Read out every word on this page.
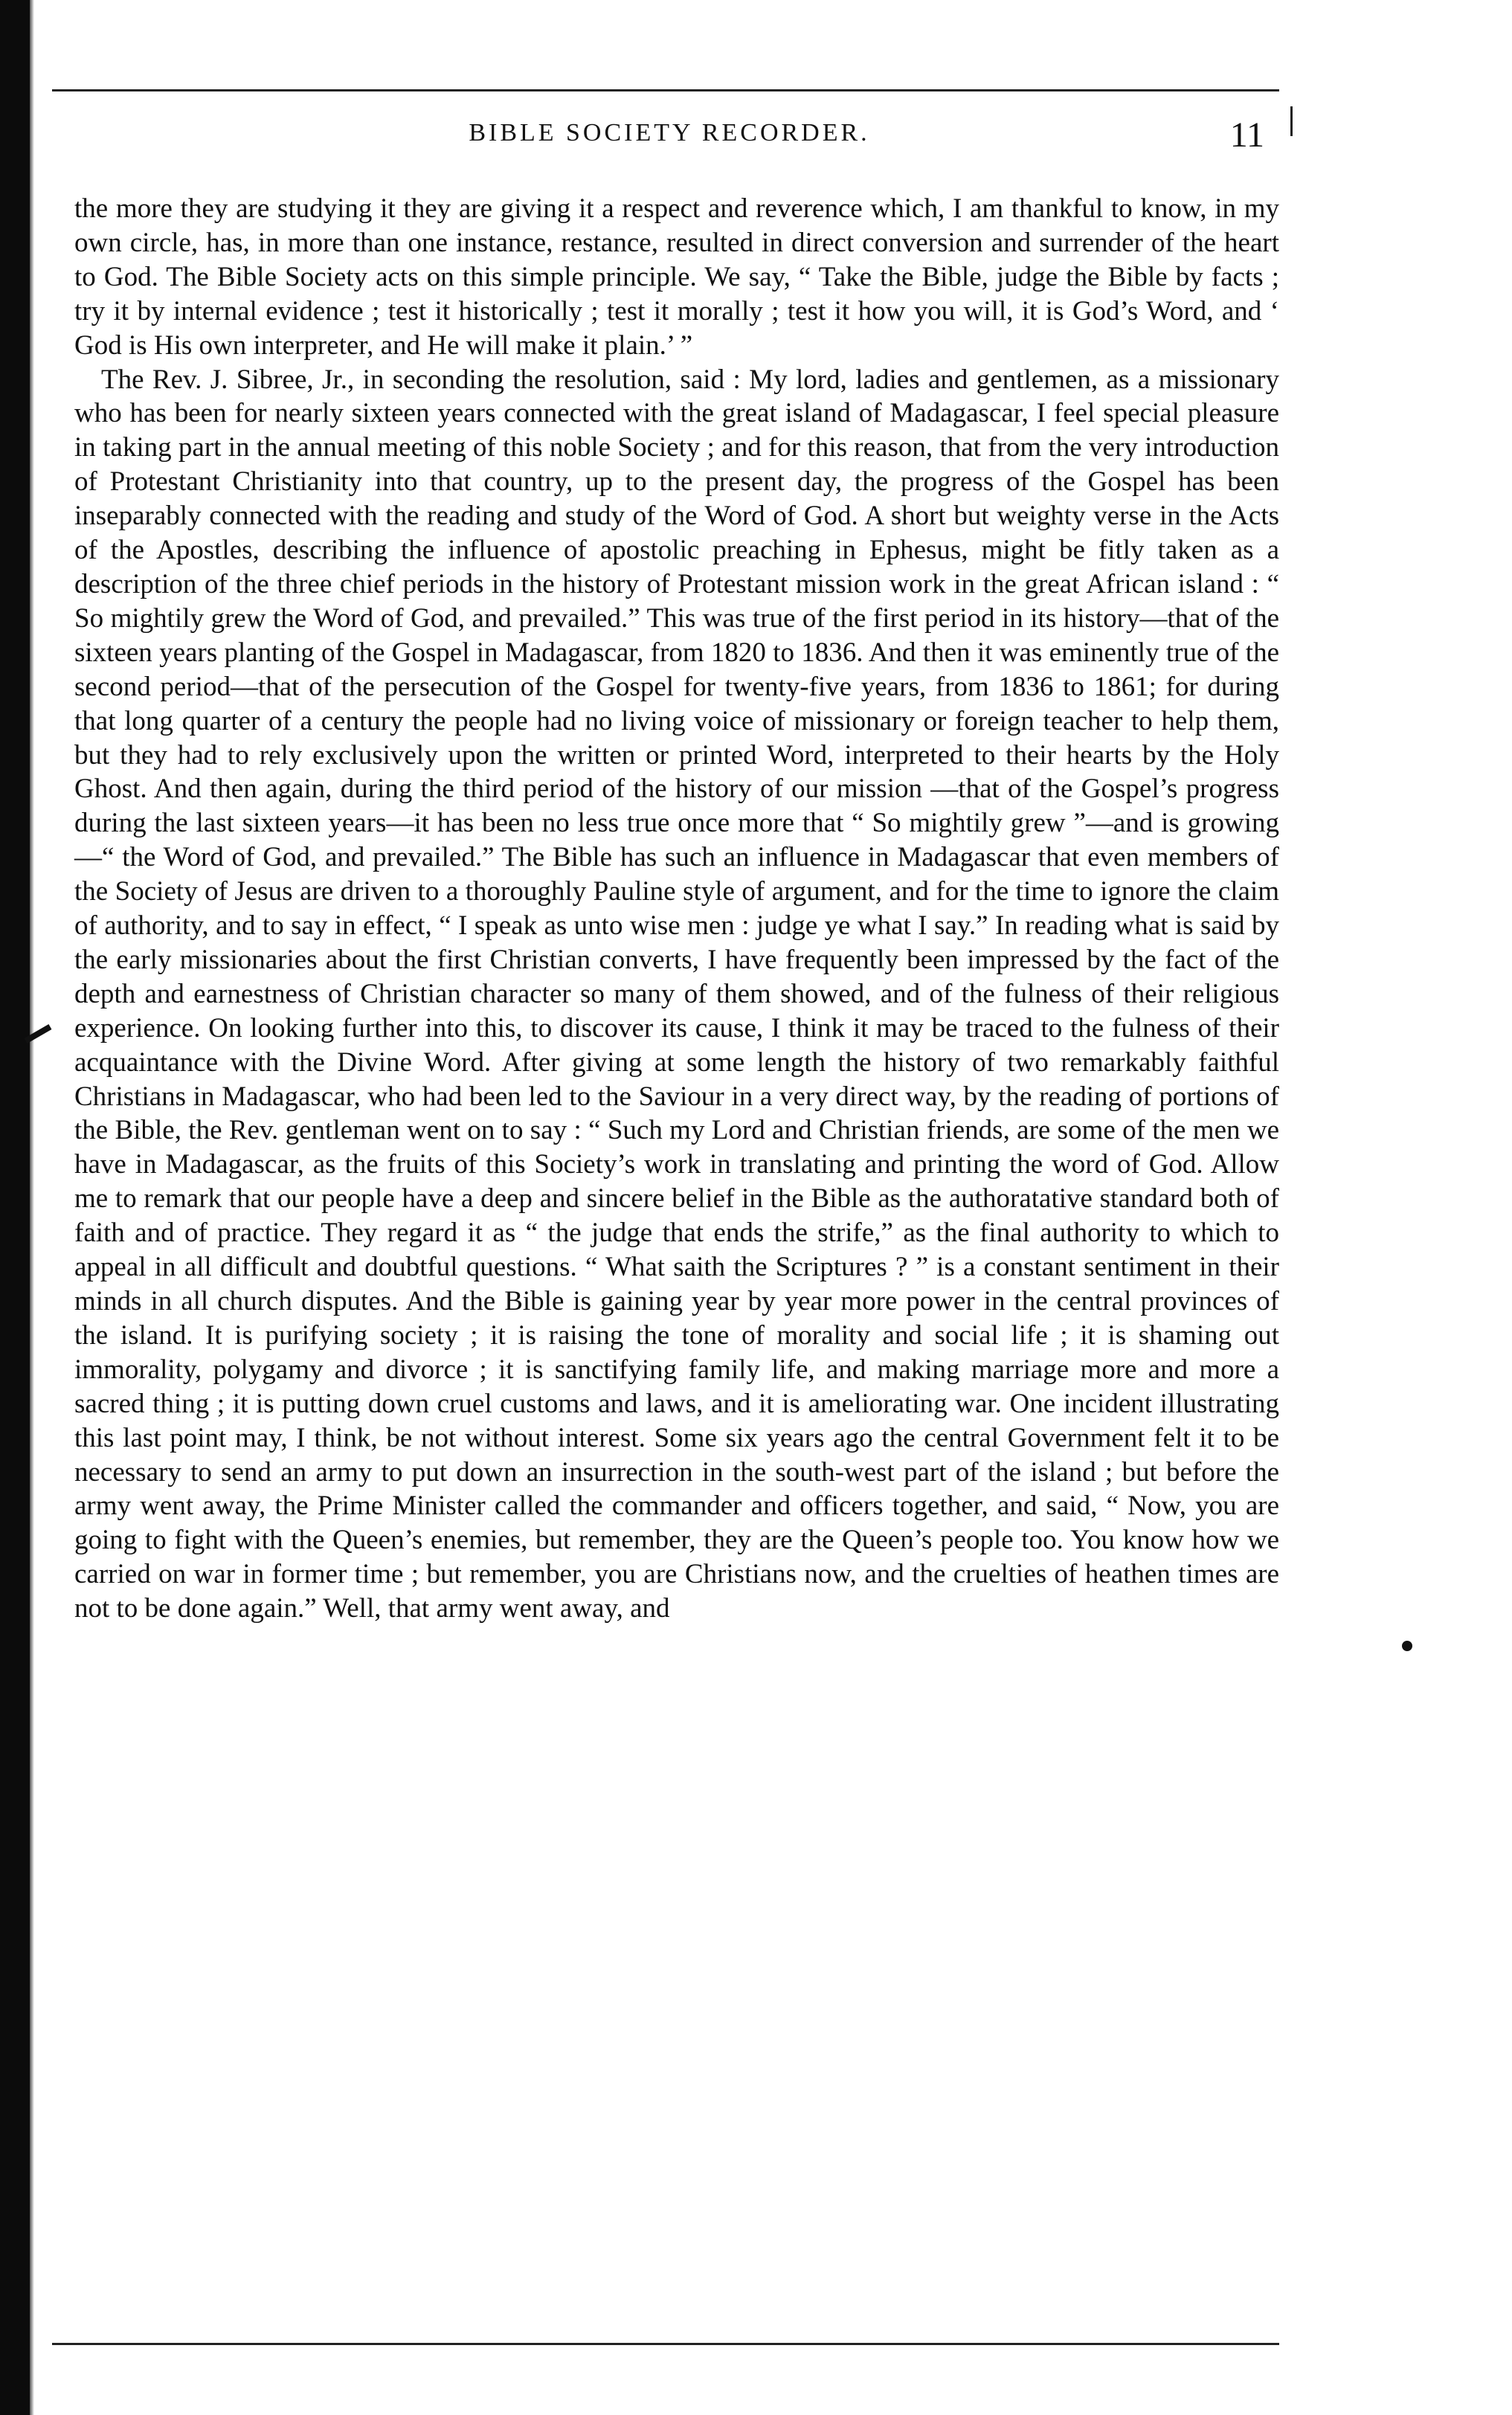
BIBLE SOCIETY RECORDER.	11

the more they are studying it they are giving it a respect and reverence which, I am thankful to know, in my own circle, has, in more than one instance, restance, resulted in direct conversion and surrender of the heart to God. The Bible Society acts on this simple principle. We say, “ Take the Bible, judge the Bible by facts ; try it by internal evidence ; test it historically ; test it morally ; test it how you will, it is God’s Word, and ‘ God is His own interpreter, and He will make it plain.’ ”

The Rev. J. Sibree, Jr., in seconding the resolution, said : My lord, ladies and gentlemen, as a missionary who has been for nearly sixteen years connected with the great island of Madagascar, I feel special pleasure in taking part in the annual meeting of this noble Society ; and for this reason, that from the very introduction of Protestant Christianity into that country, up to the present day, the progress of the Gospel has been inseparably connected with the reading and study of the Word of God. A short but weighty verse in the Acts of the Apostles, describing the influence of apostolic preaching in Ephesus, might be fitly taken as a description of the three chief periods in the history of Protestant mission work in the great African island : “ So mightily grew the Word of God, and prevailed.” This was true of the first period in its history—that of the sixteen years planting of the Gospel in Madagascar, from 1820 to 1836. And then it was eminently true of the second period—that of the persecution of the Gospel for twenty-five years, from 1836 to 1861; for during that long quarter of a century the people had no living voice of missionary or foreign teacher to help them, but they had to rely exclusively upon the written or printed Word, interpreted to their hearts by the Holy Ghost. And then again, during the third period of the history of our mission —that of the Gospel’s progress during the last sixteen years—it has been no less true once more that “ So mightily grew ”—and is growing—“ the Word of God, and prevailed.” The Bible has such an influence in Madagascar that even members of the Society of Jesus are driven to a thoroughly Pauline style of argument, and for the time to ignore the claim of authority, and to say in effect, “ I speak as unto wise men : judge ye what I say.” In reading what is said by the early missionaries about the first Christian converts, I have frequently been impressed by the fact of the depth and earnestness of Christian character so many of them showed, and of the fulness of their religious experience. On looking further into this, to discover its cause, I think it may be traced to the fulness of their acquaintance with the Divine Word. After giving at some length the history of two remarkably faithful Christians in Madagascar, who had been led to the Saviour in a very direct way, by the reading of portions of the Bible, the Rev. gentleman went on to say : “ Such my Lord and Christian friends, are some of the men we have in Madagascar, as the fruits of this Society’s work in translating and printing the word of God. Allow me to remark that our people have a deep and sincere belief in the Bible as the authoratative standard both of faith and of practice. They regard it as “ the judge that ends the strife,” as the final authority to which to appeal in all difficult and doubtful questions. “ What saith the Scriptures ? ” is a constant sentiment in their minds in all church disputes. And the Bible is gaining year by year more power in the central provinces of the island. It is purifying society ; it is raising the tone of morality and social life ; it is shaming out immorality, polygamy and divorce ; it is sanctifying family life, and making marriage more and more a sacred thing ; it is putting down cruel customs and laws, and it is ameliorating war. One incident illustrating this last point may, I think, be not without interest. Some six years ago the central Government felt it to be necessary to send an army to put down an insurrection in the south-west part of the island ; but before the army went away, the Prime Minister called the commander and officers together, and said, “ Now, you are going to fight with the Queen’s enemies, but remember, they are the Queen’s people too. You know how we carried on war in former time ; but remember, you are Christians now, and the cruelties of heathen times are not to be done again.” Well, that army went away, and
